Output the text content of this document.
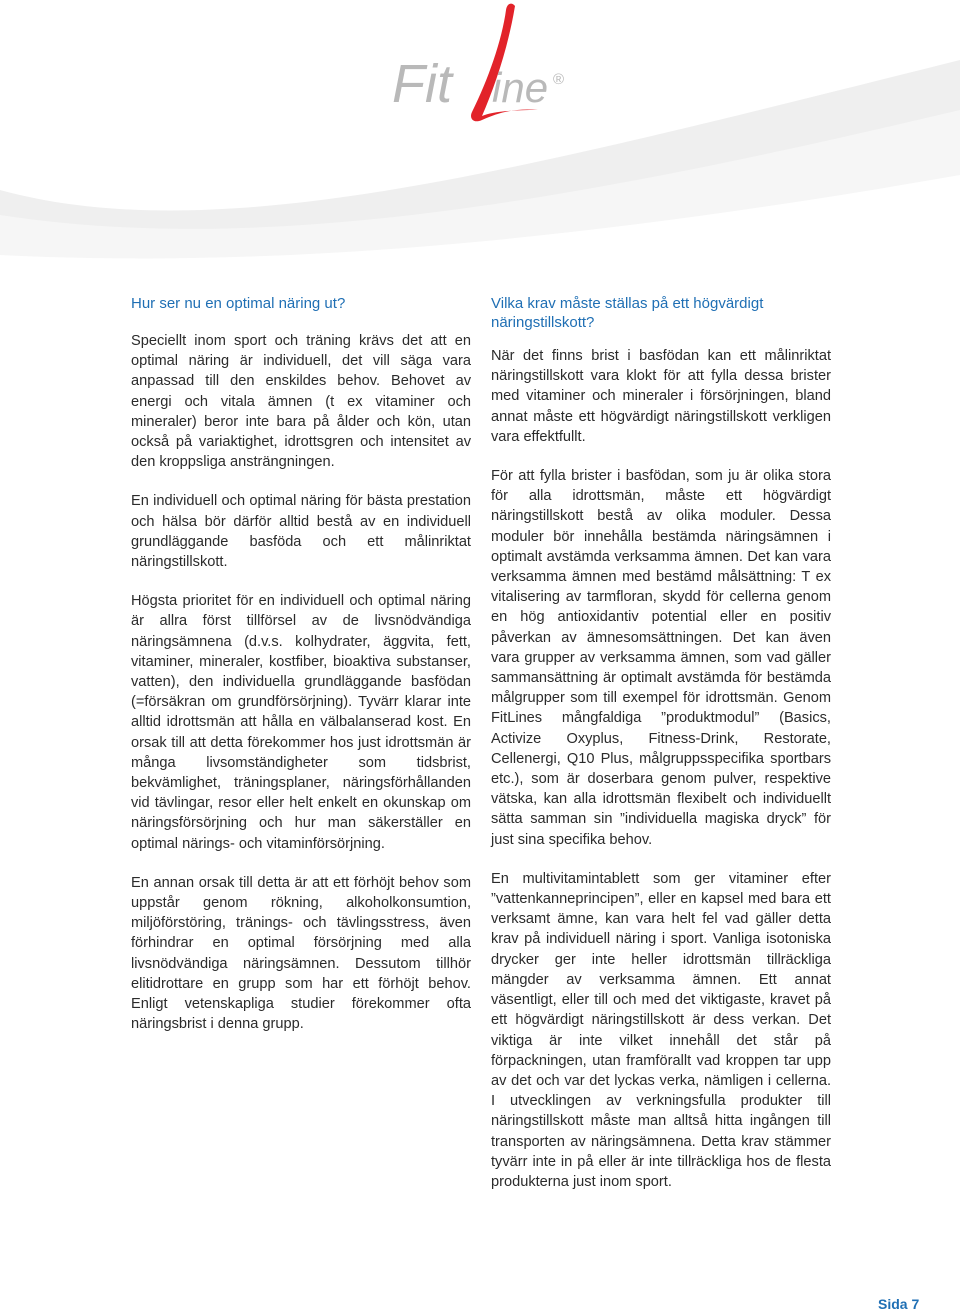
Fit ine ®
Hur ser nu en optimal näring ut?

Speciellt inom sport och träning krävs det att en optimal näring är individuell, det vill säga vara anpassad till den enskildes behov. Behovet av energi och vitala ämnen (t ex vitaminer och mineraler) beror inte bara på ålder och kön, utan också på variaktighet, idrottsgren och intensitet av den kroppsliga ansträngningen.

En individuell och optimal näring för bästa prestation och hälsa bör därför alltid bestå av en individuell grundläggande basföda och ett målinriktat näringstillskott.

Högsta prioritet för en individuell och optimal näring är allra först tillförsel av de livsnödvändiga näringsämnena (d.v.s. kolhydrater, äggvita, fett, vitaminer, mineraler, kostfiber, bioaktiva substanser, vatten), den individuella grundläggande basfödan (=försäkran om grundförsörjning). Tyvärr klarar inte alltid idrottsmän att hålla en välbalanserad kost. En orsak till att detta förekommer hos just idrottsmän är många livsomständigheter som tidsbrist, bekvämlighet, träningsplaner, näringsförhållanden vid tävlingar, resor eller helt enkelt en okunskap om näringsförsörjning och hur man säkerställer en optimal närings- och vitaminförsörjning.

En annan orsak till detta är att ett förhöjt behov som uppstår genom rökning, alkoholkonsumtion, miljöförstöring, tränings- och tävlingsstress, även förhindrar en optimal försörjning med alla livsnödvändiga näringsämnen. Dessutom tillhör elitidrottare en grupp som har ett förhöjt behov. Enligt vetenskapliga studier förekommer ofta näringsbrist i denna grupp.

Vilka krav måste ställas på ett högvärdigt näringstillskott?

När det finns brist i basfödan kan ett målinriktat näringstillskott vara klokt för att fylla dessa brister med vitaminer och mineraler i försörjningen, bland annat måste ett högvärdigt näringstillskott verkligen vara effektfullt.

För att fylla brister i basfödan, som ju är olika stora för alla idrottsmän, måste ett högvärdigt näringstillskott bestå av olika moduler. Dessa moduler bör innehålla bestämda näringsämnen i optimalt avstämda verksamma ämnen. Det kan vara verksamma ämnen med bestämd målsättning: T ex vitalisering av tarmfloran, skydd för cellerna genom en hög antioxidantiv potential eller en positiv påverkan av ämnesomsättningen. Det kan även vara grupper av verksamma ämnen, som vad gäller sammansättning är optimalt avstämda för bestämda målgrupper som till exempel för idrottsmän. Genom FitLines mångfaldiga ”produktmodul” (Basics, Activize Oxyplus, Fitness-Drink, Restorate, Cellenergi, Q10 Plus, målgruppsspecifika sportbars etc.), som är doserbara genom pulver, respektive vätska, kan alla idrottsmän flexibelt och individuellt sätta samman sin ”individuella magiska dryck” för just sina specifika behov.

En multivitamintablett som ger vitaminer efter ”vattenkanneprincipen”, eller en kapsel med bara ett verksamt ämne, kan vara helt fel vad gäller detta krav på individuell näring i sport. Vanliga isotoniska drycker ger inte heller idrottsmän tillräckliga mängder av verksamma ämnen. Ett annat väsentligt, eller till och med det viktigaste, kravet på ett högvärdigt näringstillskott är dess verkan. Det viktiga är inte vilket innehåll det står på förpackningen, utan framförallt vad kroppen tar upp av det och var det lyckas verka, nämligen i cellerna. I utvecklingen av verkningsfulla produkter till näringstillskott måste man alltså hitta ingången till transporten av näringsämnena. Detta krav stämmer tyvärr inte in på eller är inte tillräckliga hos de flesta produkterna just inom sport.

Sida 7
